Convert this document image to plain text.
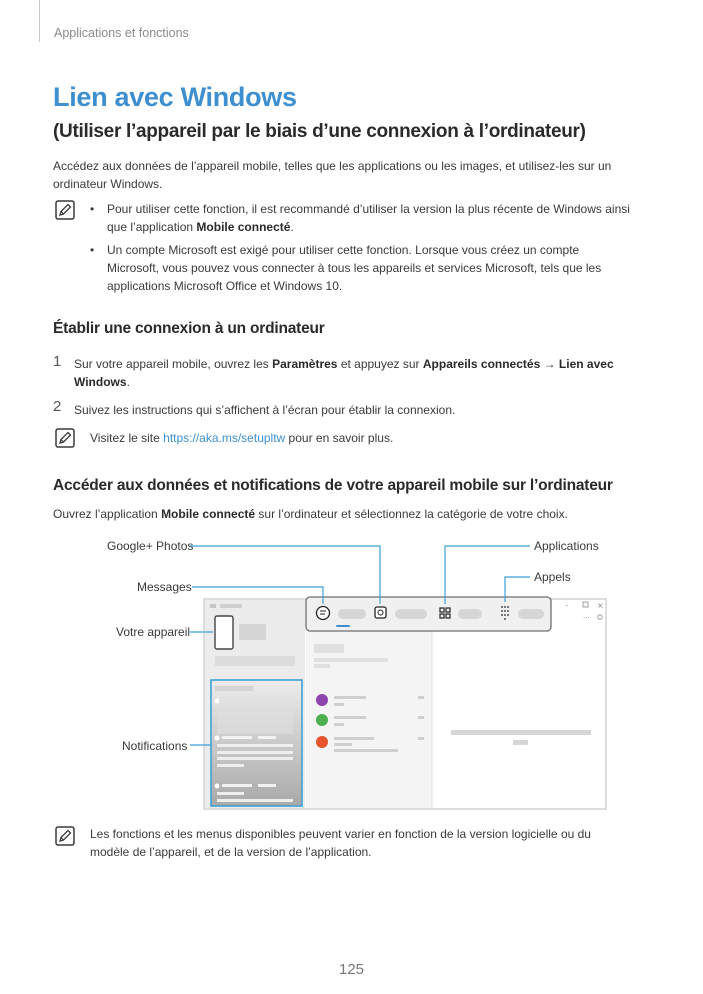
Applications et fonctions
Lien avec Windows
(Utiliser l’appareil par le biais d’une connexion à l’ordinateur)

Accédez aux données de l’appareil mobile, telles que les applications ou les images, et utilisez-les sur un ordinateur Windows.

•	Pour utiliser cette fonction, il est recommandé d’utiliser la version la plus récente de Windows ainsi que l’application Mobile connecté.
•	Un compte Microsoft est exigé pour utiliser cette fonction. Lorsque vous créez un compte Microsoft, vous pouvez vous connecter à tous les appareils et services Microsoft, tels que les applications Microsoft Office et Windows 10.
Établir une connexion à un ordinateur
1 Sur votre appareil mobile, ouvrez les Paramètres et appuyez sur Appareils connectés → Lien avec Windows.

2 Suivez les instructions qui s’affichent à l’écran pour établir la connexion.

Visitez le site https://aka.ms/setupltw pour en savoir plus.

Accéder aux données et notifications de votre appareil mobile sur l’ordinateur

Ouvrez l’application Mobile connecté sur l’ordinateur et sélectionnez la catégorie de votre choix.

Google+ Photos	Applications
Appels
Messages
Votre appareil
Notifications
–	×
···

Les fonctions et les menus disponibles peuvent varier en fonction de la version logicielle ou du modèle de l’appareil, et de la version de l’application.

125
